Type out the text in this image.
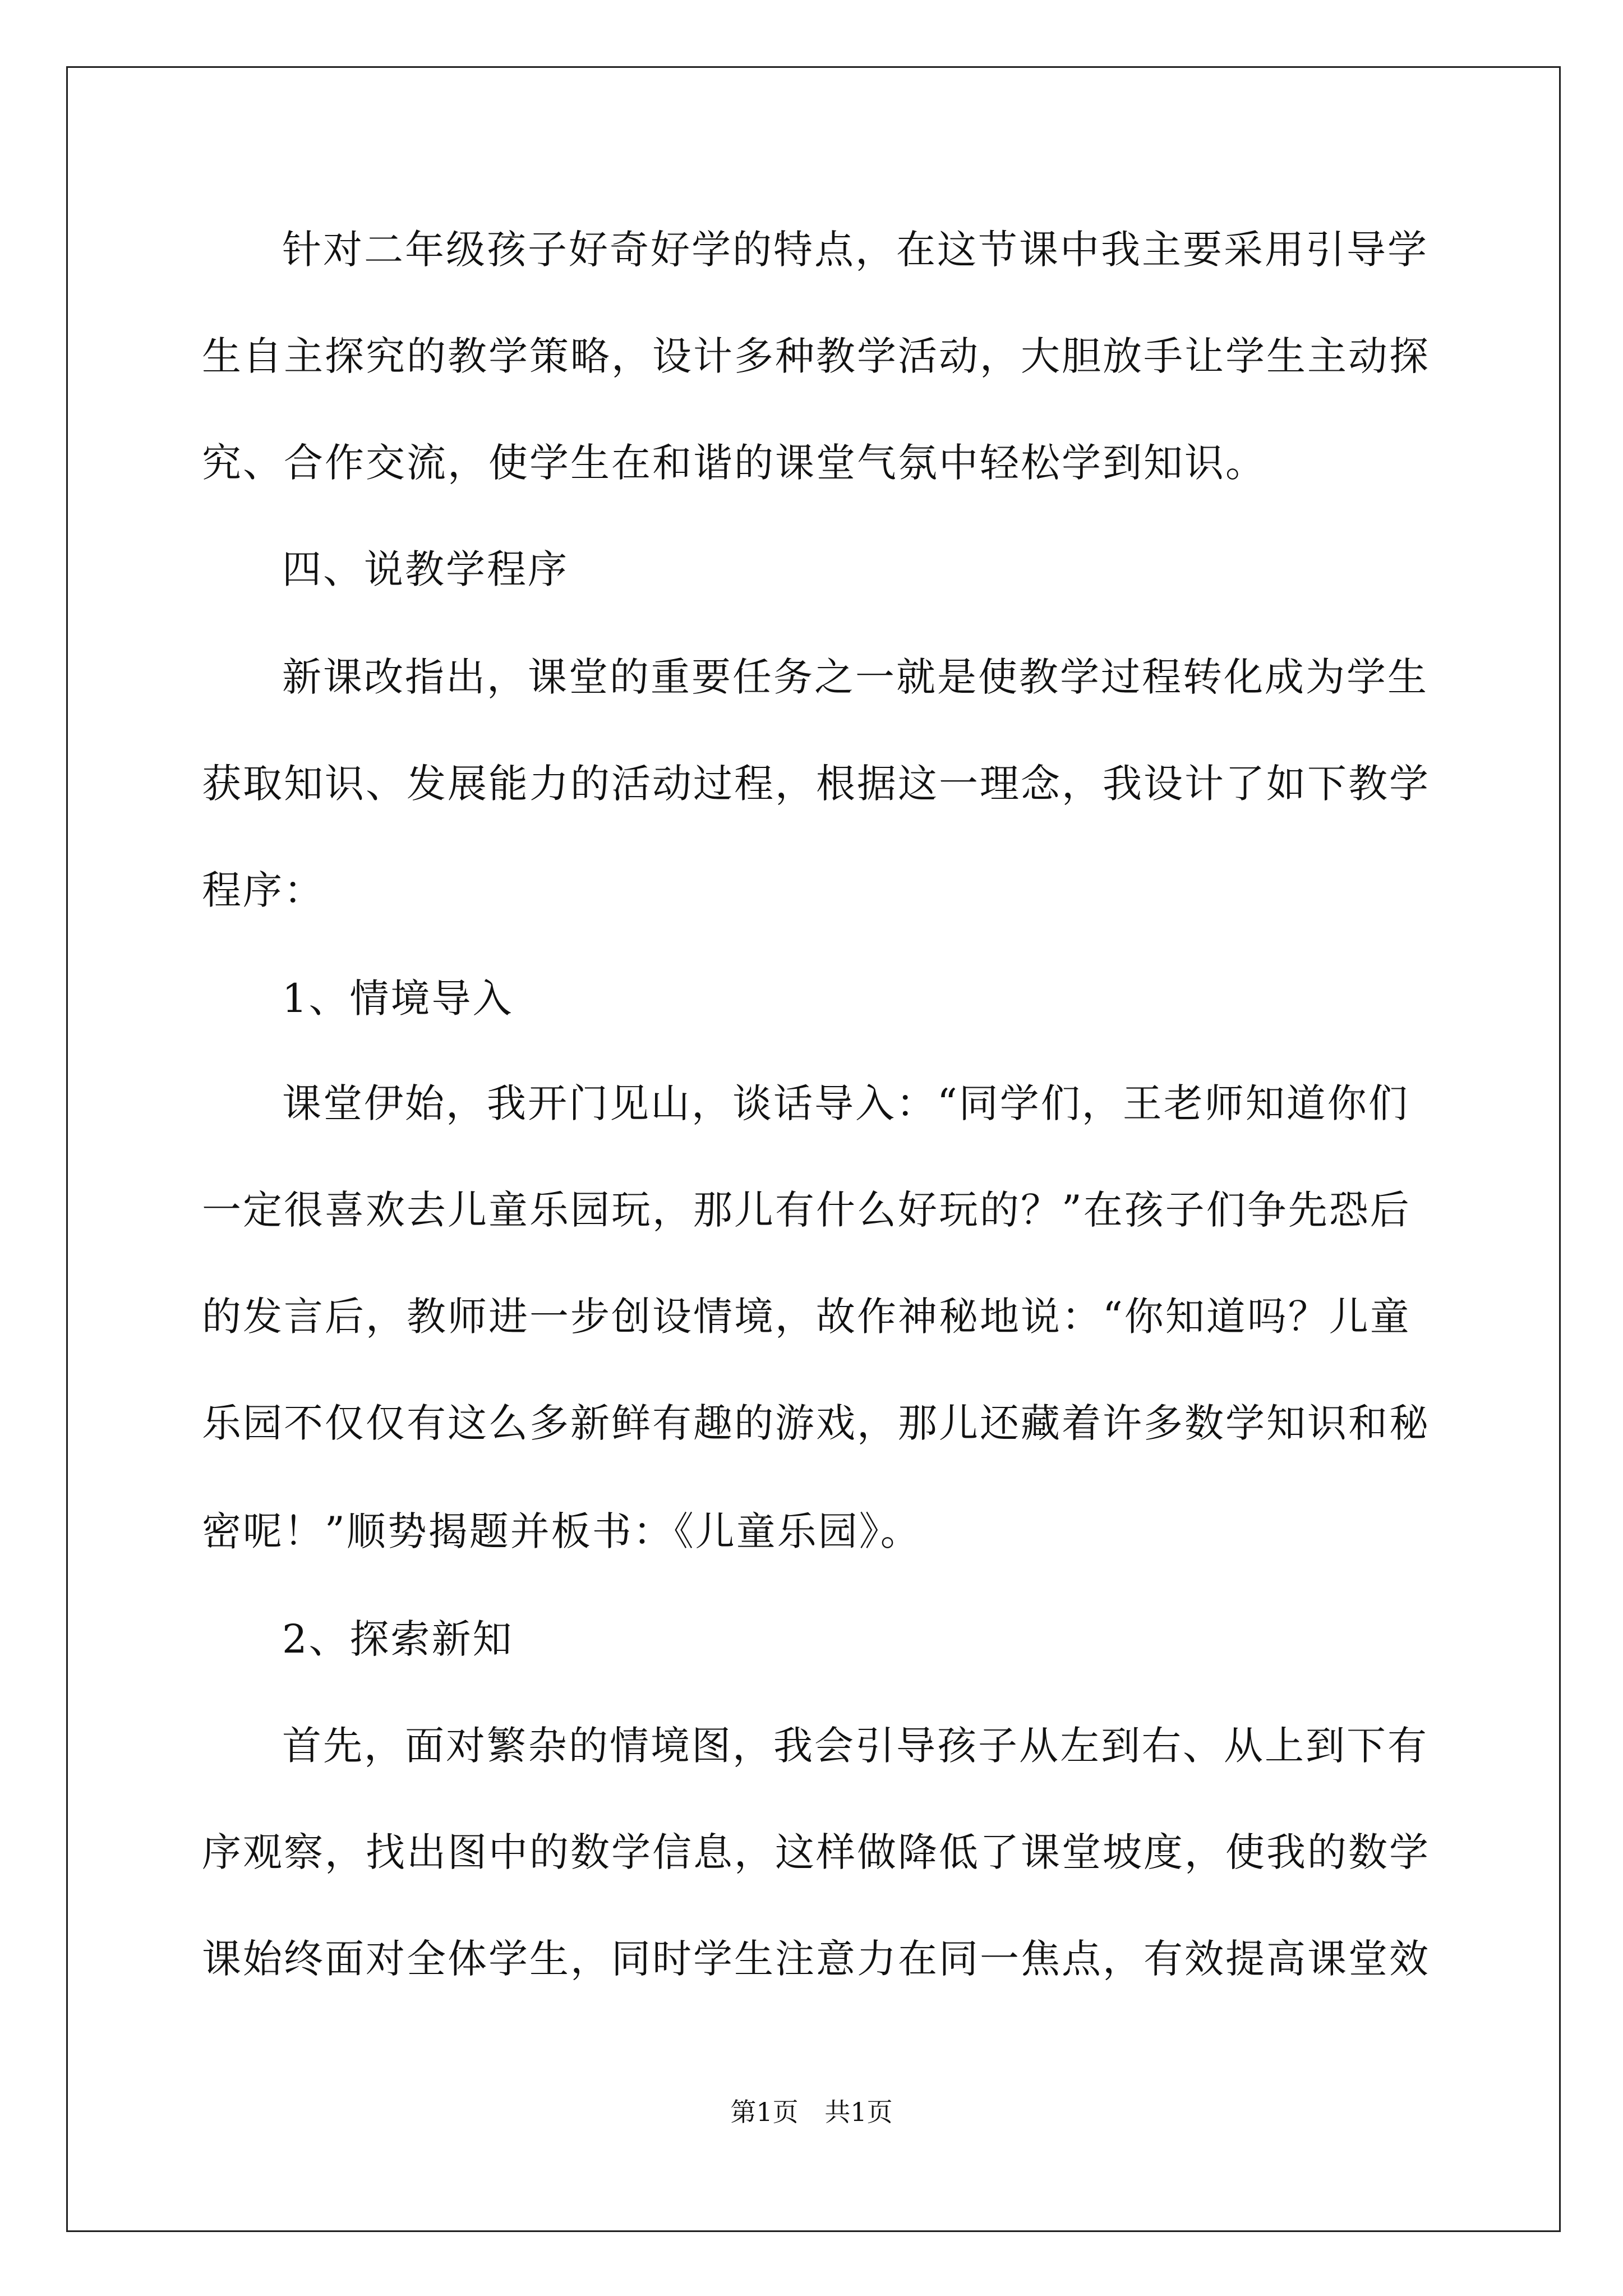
针对二年级孩子好奇好学的特点，在这节课中我主要采用引导学
生自主探究的教学策略，设计多种教学活动，大胆放手让学生主动探
究、合作交流，使学生在和谐的课堂气氛中轻松学到知识。
四、说教学程序
新课改指出，课堂的重要任务之一就是使教学过程转化成为学生
获取知识、发展能力的活动过程，根据这一理念，我设计了如下教学
程序：
1、情境导入
课堂伊始，我开门见山，谈话导入：“同学们，王老师知道你们
一定很喜欢去儿童乐园玩，那儿有什么好玩的？”在孩子们争先恐后
的发言后，教师进一步创设情境，故作神秘地说：“你知道吗？儿童
乐园不仅仅有这么多新鲜有趣的游戏，那儿还藏着许多数学知识和秘
密呢！”顺势揭题并板书：《儿童乐园》。
2、探索新知
首先，面对繁杂的情境图，我会引导孩子从左到右、从上到下有
序观察，找出图中的数学信息，这样做降低了课堂坡度，使我的数学
课始终面对全体学生，同时学生注意力在同一焦点，有效提高课堂效
第1页 共1页
